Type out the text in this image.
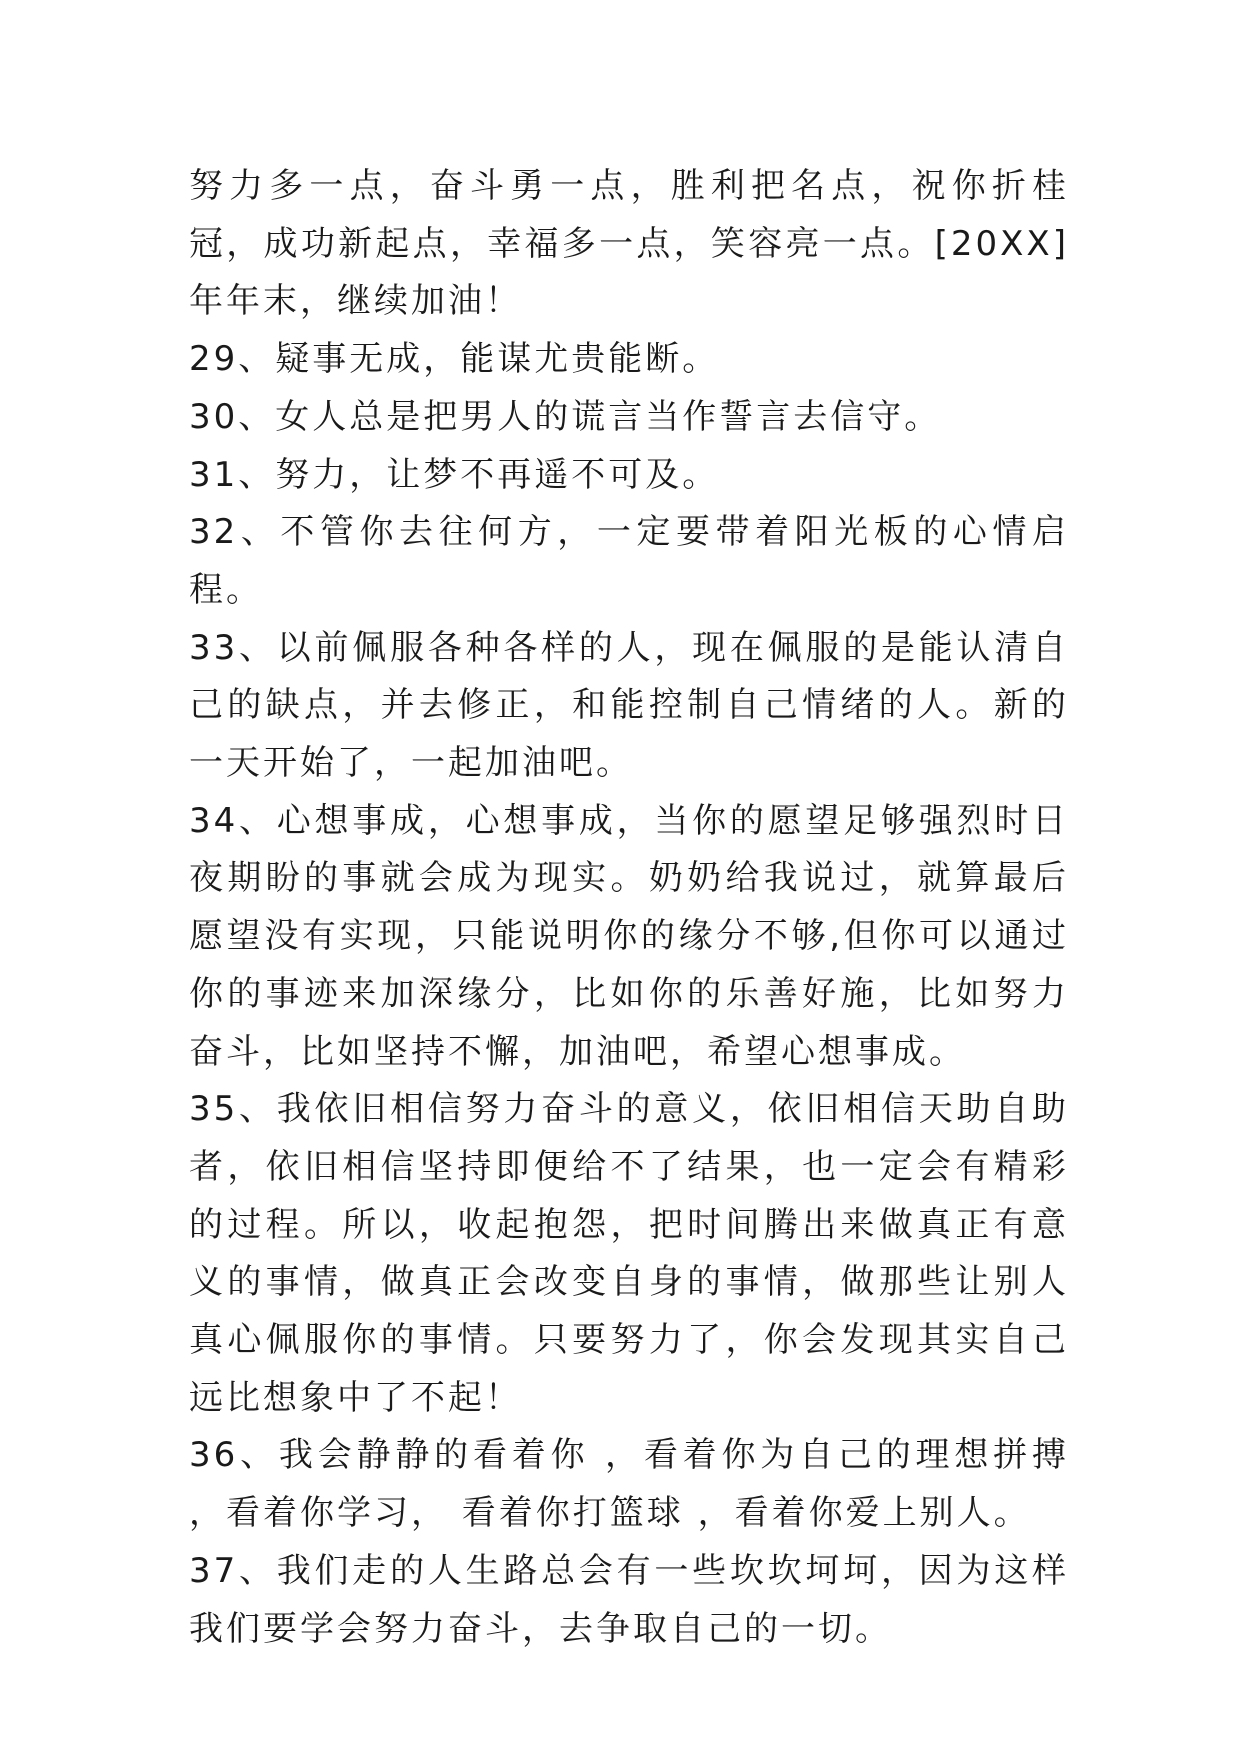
努力多一点，奋斗勇一点，胜利把名点，祝你折桂冠，成功新起点，幸福多一点，笑容亮一点。[20XX]年年末，继续加油！

29、疑事无成，能谋尤贵能断。

30、女人总是把男人的谎言当作誓言去信守。

31、努力，让梦不再遥不可及。

32、不管你去往何方，一定要带着阳光板的心情启程。

33、以前佩服各种各样的人，现在佩服的是能认清自己的缺点，并去修正，和能控制自己情绪的人。新的一天开始了，一起加油吧。

34、心想事成，心想事成，当你的愿望足够强烈时日夜期盼的事就会成为现实。奶奶给我说过，就算最后愿望没有实现，只能说明你的缘分不够,但你可以通过你的事迹来加深缘分，比如你的乐善好施，比如努力奋斗，比如坚持不懈，加油吧，希望心想事成。

35、我依旧相信努力奋斗的意义，依旧相信天助自助者，依旧相信坚持即便给不了结果，也一定会有精彩的过程。所以，收起抱怨，把时间腾出来做真正有意义的事情，做真正会改变自身的事情，做那些让别人真心佩服你的事情。只要努力了，你会发现其实自己远比想象中了不起！

36、我会静静的看着你 ，看着你为自己的理想拼搏 ，看着你学习， 看着你打篮球 ，看着你爱上别人。

37、我们走的人生路总会有一些坎坎坷坷，因为这样我们要学会努力奋斗，去争取自己的一切。
